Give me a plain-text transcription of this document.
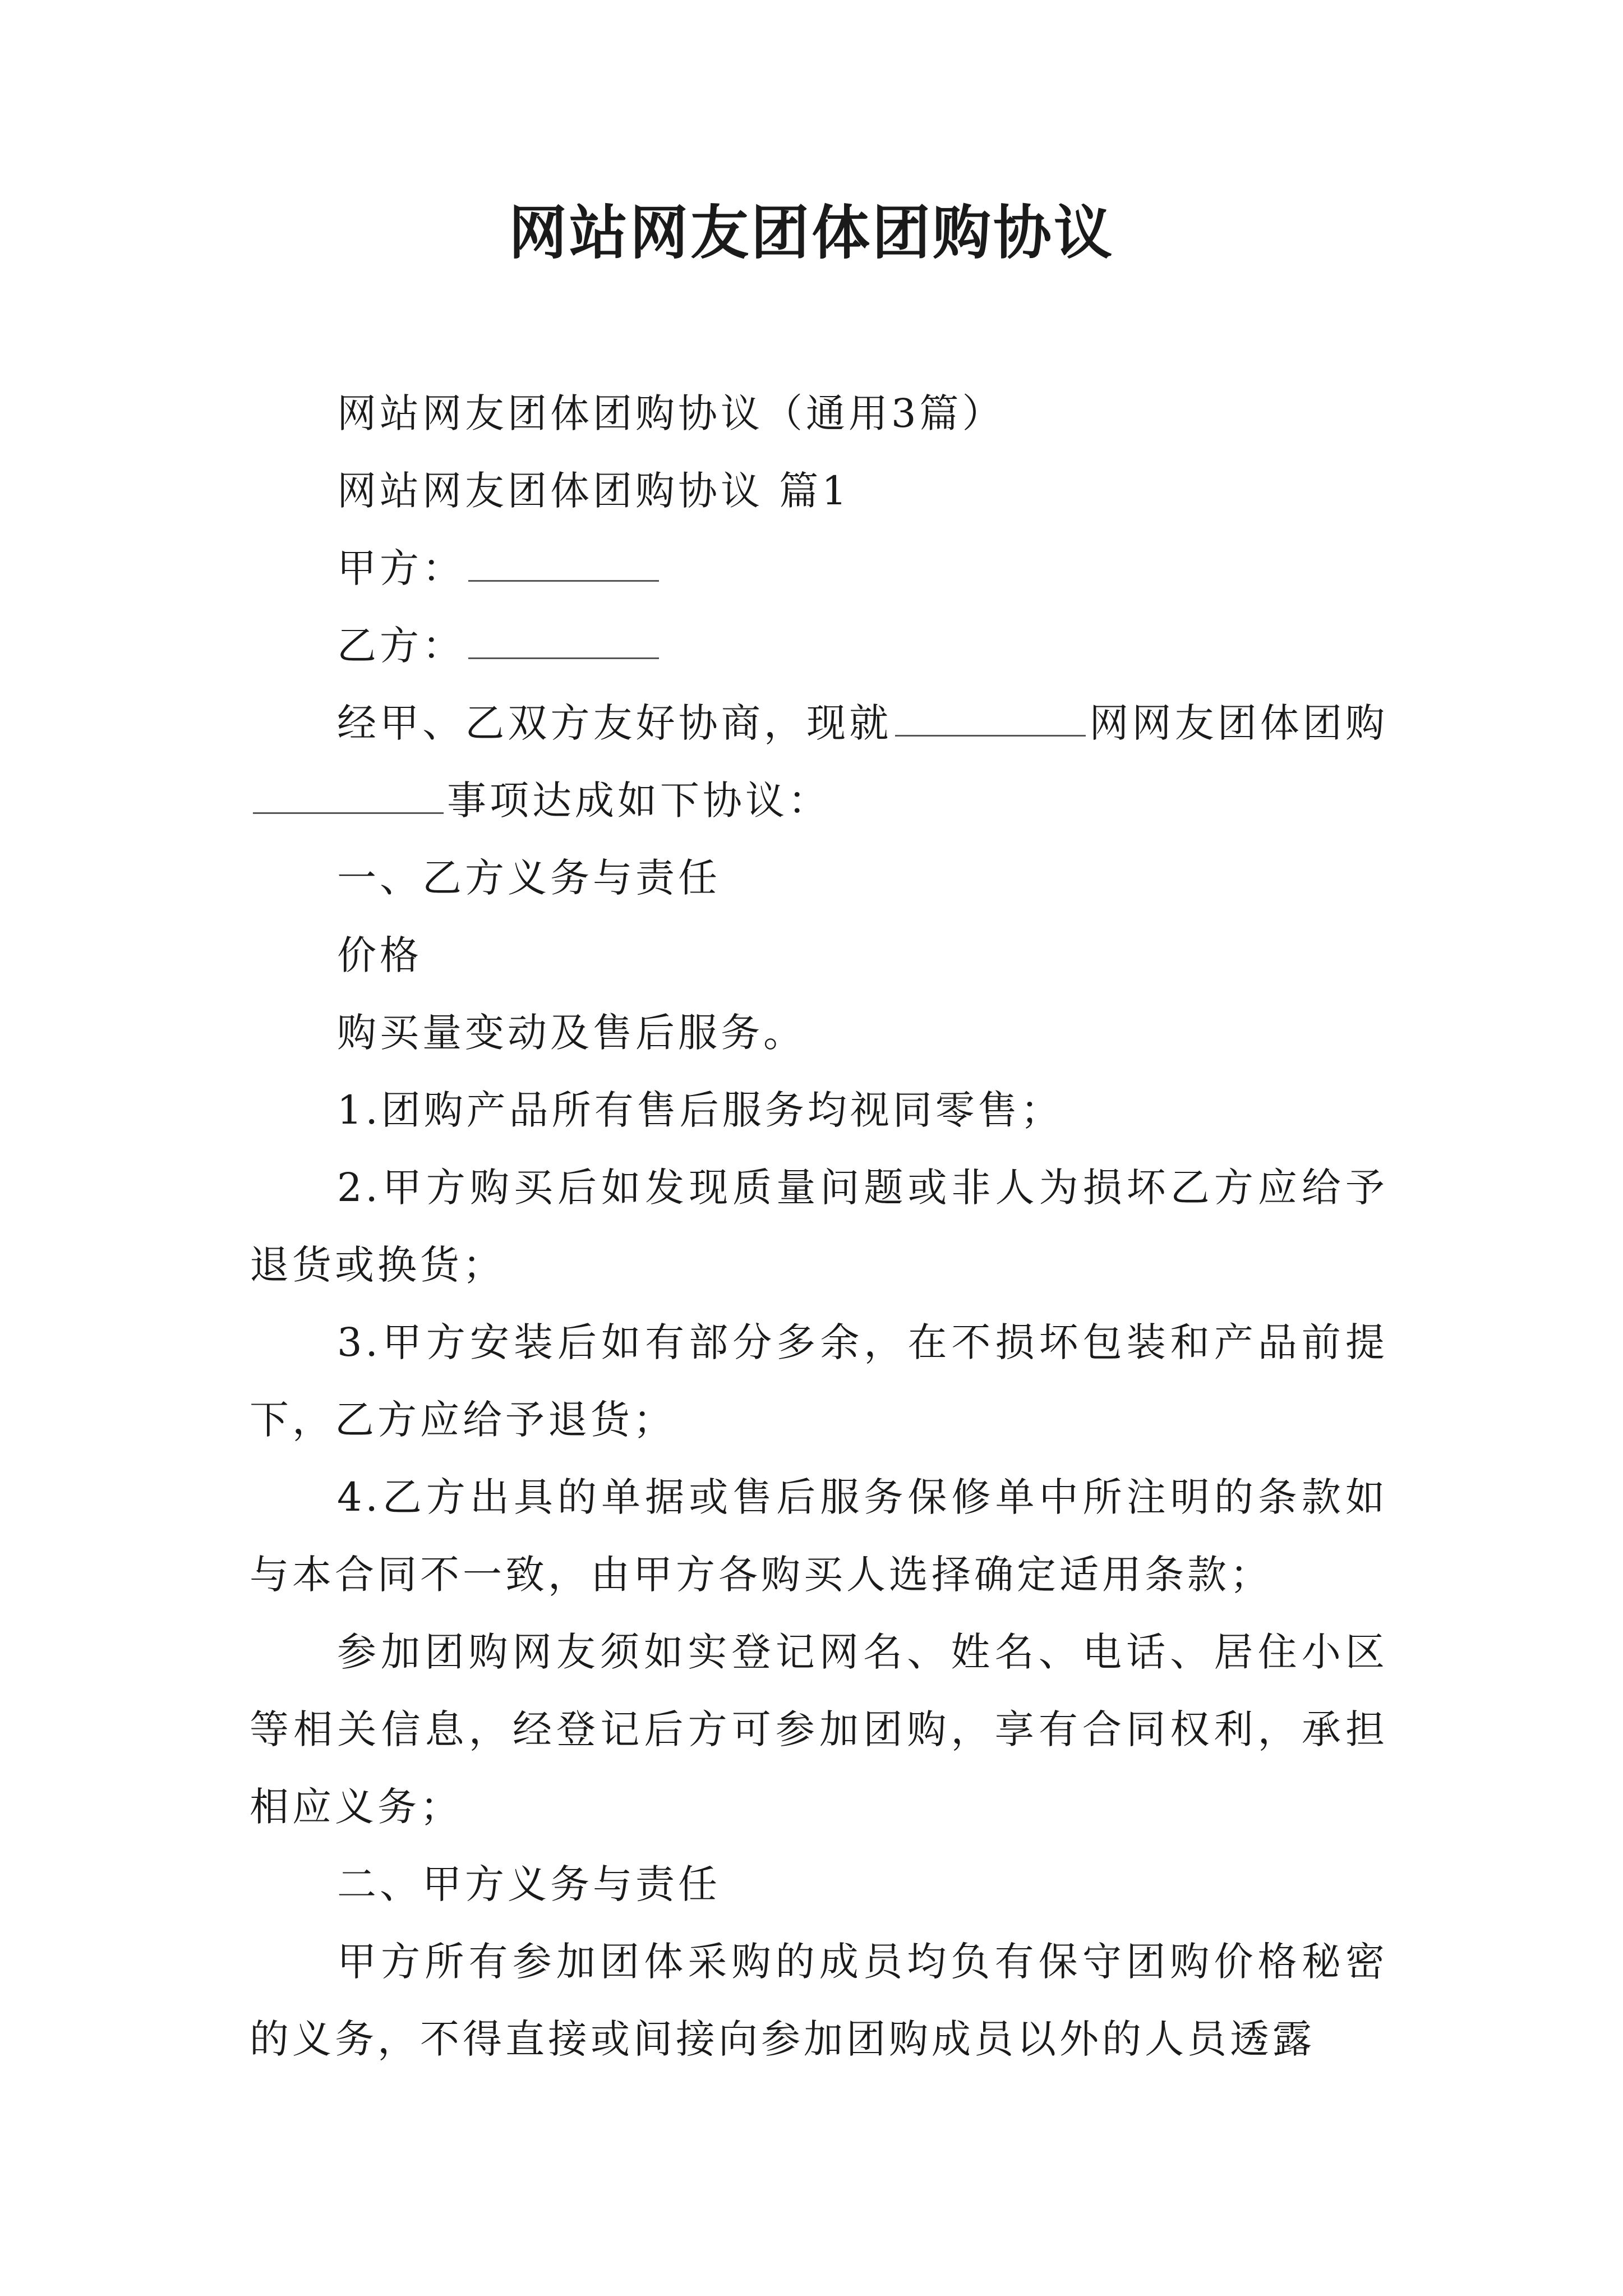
网站网友团体团购协议

网站网友团体团购协议（通用3篇）

网站网友团体团购协议 篇1

甲方：

乙方：

经甲、乙双方友好协商，现就	网网友团体团购事项达成如下协议：

一、乙方义务与责任

价格

购买量变动及售后服务。

1.团购产品所有售后服务均视同零售；

2.甲方购买后如发现质量问题或非人为损坏乙方应给予退货或换货；

3.甲方安装后如有部分多余，在不损坏包装和产品前提下，乙方应给予退货；

4.乙方出具的单据或售后服务保修单中所注明的条款如与本合同不一致，由甲方各购买人选择确定适用条款；

参加团购网友须如实登记网名、姓名、电话、居住小区等相关信息，经登记后方可参加团购，享有合同权利，承担相应义务；

二、甲方义务与责任

甲方所有参加团体采购的成员均负有保守团购价格秘密的义务，不得直接或间接向参加团购成员以外的人员透露
